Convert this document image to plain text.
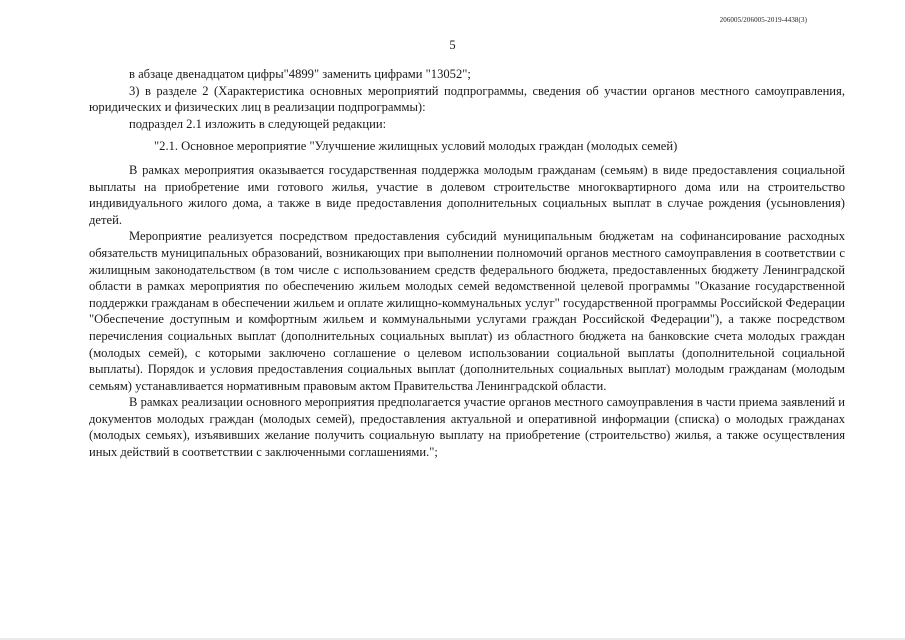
206005/206005-2019-4438(3)
5

в абзаце двенадцатом цифры"4899" заменить цифрами "13052";

3) в разделе 2 (Характеристика основных мероприятий подпрограммы, сведения об участии органов местного самоуправления, юридических и физических лиц в реализации подпрограммы):

подраздел 2.1 изложить в следующей редакции:

"2.1. Основное мероприятие "Улучшение жилищных условий молодых граждан (молодых семей)

В рамках мероприятия оказывается государственная поддержка молодым гражданам (семьям) в виде предоставления социальной выплаты на приобретение ими готового жилья, участие в долевом строительстве многоквартирного дома или на строительство индивидуального жилого дома, а также в виде предоставления дополнительных социальных выплат в случае рождения (усыновления) детей.

Мероприятие реализуется посредством предоставления субсидий муниципальным бюджетам на софинансирование расходных обязательств муниципальных образований, возникающих при выполнении полномочий органов местного самоуправления в соответствии с жилищным законодательством (в том числе с использованием средств федерального бюджета, предоставленных бюджету Ленинградской области в рамках мероприятия по обеспечению жильем молодых семей ведомственной целевой программы "Оказание государственной поддержки гражданам в обеспечении жильем и оплате жилищно-коммунальных услуг" государственной программы Российской Федерации "Обеспечение доступным и комфортным жильем и коммунальными услугами граждан Российской Федерации"), а также посредством перечисления социальных выплат (дополнительных социальных выплат) из областного бюджета на банковские счета молодых граждан (молодых семей), с которыми заключено соглашение о целевом использовании социальной выплаты (дополнительной социальной выплаты). Порядок и условия предоставления социальных выплат (дополнительных социальных выплат) молодым гражданам (молодым семьям) устанавливается нормативным правовым актом Правительства Ленинградской области.

В рамках реализации основного мероприятия предполагается участие органов местного самоуправления в части приема заявлений и документов молодых граждан (молодых семей), предоставления актуальной и оперативной информации (списка) о молодых гражданах (молодых семьях), изъявивших желание получить социальную выплату на приобретение (строительство) жилья, а также осуществления иных действий в соответствии с заключенными соглашениями.";
